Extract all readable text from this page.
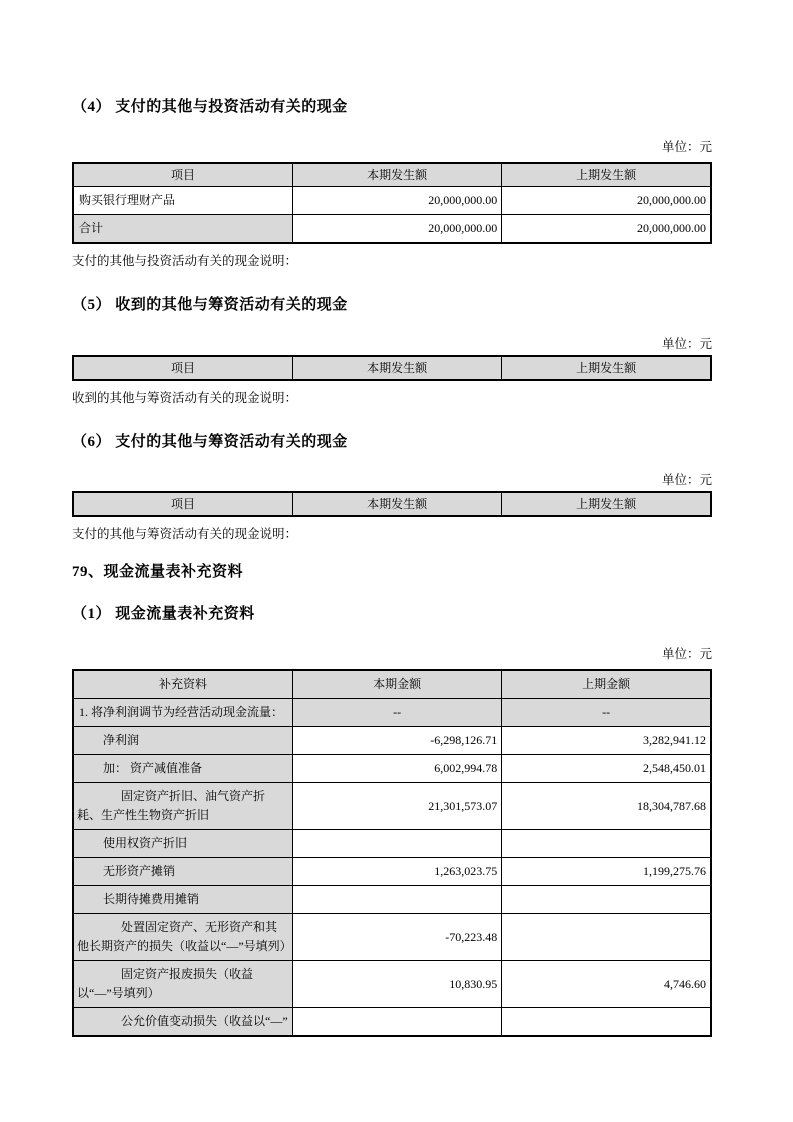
（4） 支付的其他与投资活动有关的现金
单位：元
项目	本期发生额	上期发生额

购买银行理财产品	20,000,000.00	20,000,000.00

合计	20,000,000.00	20,000,000.00

支付的其他与投资活动有关的现金说明：

（5） 收到的其他与筹资活动有关的现金
单位：元
项目	本期发生额	上期发生额

收到的其他与筹资活动有关的现金说明：

（6） 支付的其他与筹资活动有关的现金
单位：元
项目	本期发生额	上期发生额

支付的其他与筹资活动有关的现金说明：

79、现金流量表补充资料
（1） 现金流量表补充资料
单位：元
补充资料	本期金额	上期金额

1. 将净利润调节为经营活动现金流量：	--	--

净利润	-6,298,126.71	3,282,941.12

加： 资产减值准备	6,002,994.78	2,548,450.01

固定资产折旧、油气资产折耗、生产性生物资产折旧	21,301,573.07	18,304,787.68

使用权资产折旧		

无形资产摊销	1,263,023.75	1,199,275.76

长期待摊费用摊销		

处置固定资产、无形资产和其他长期资产的损失（收益以“—”号填列）	-70,223.48	

固定资产报废损失（收益以“—”号填列）	10,830.95	4,746.60

公允价值变动损失（收益以“—”		
